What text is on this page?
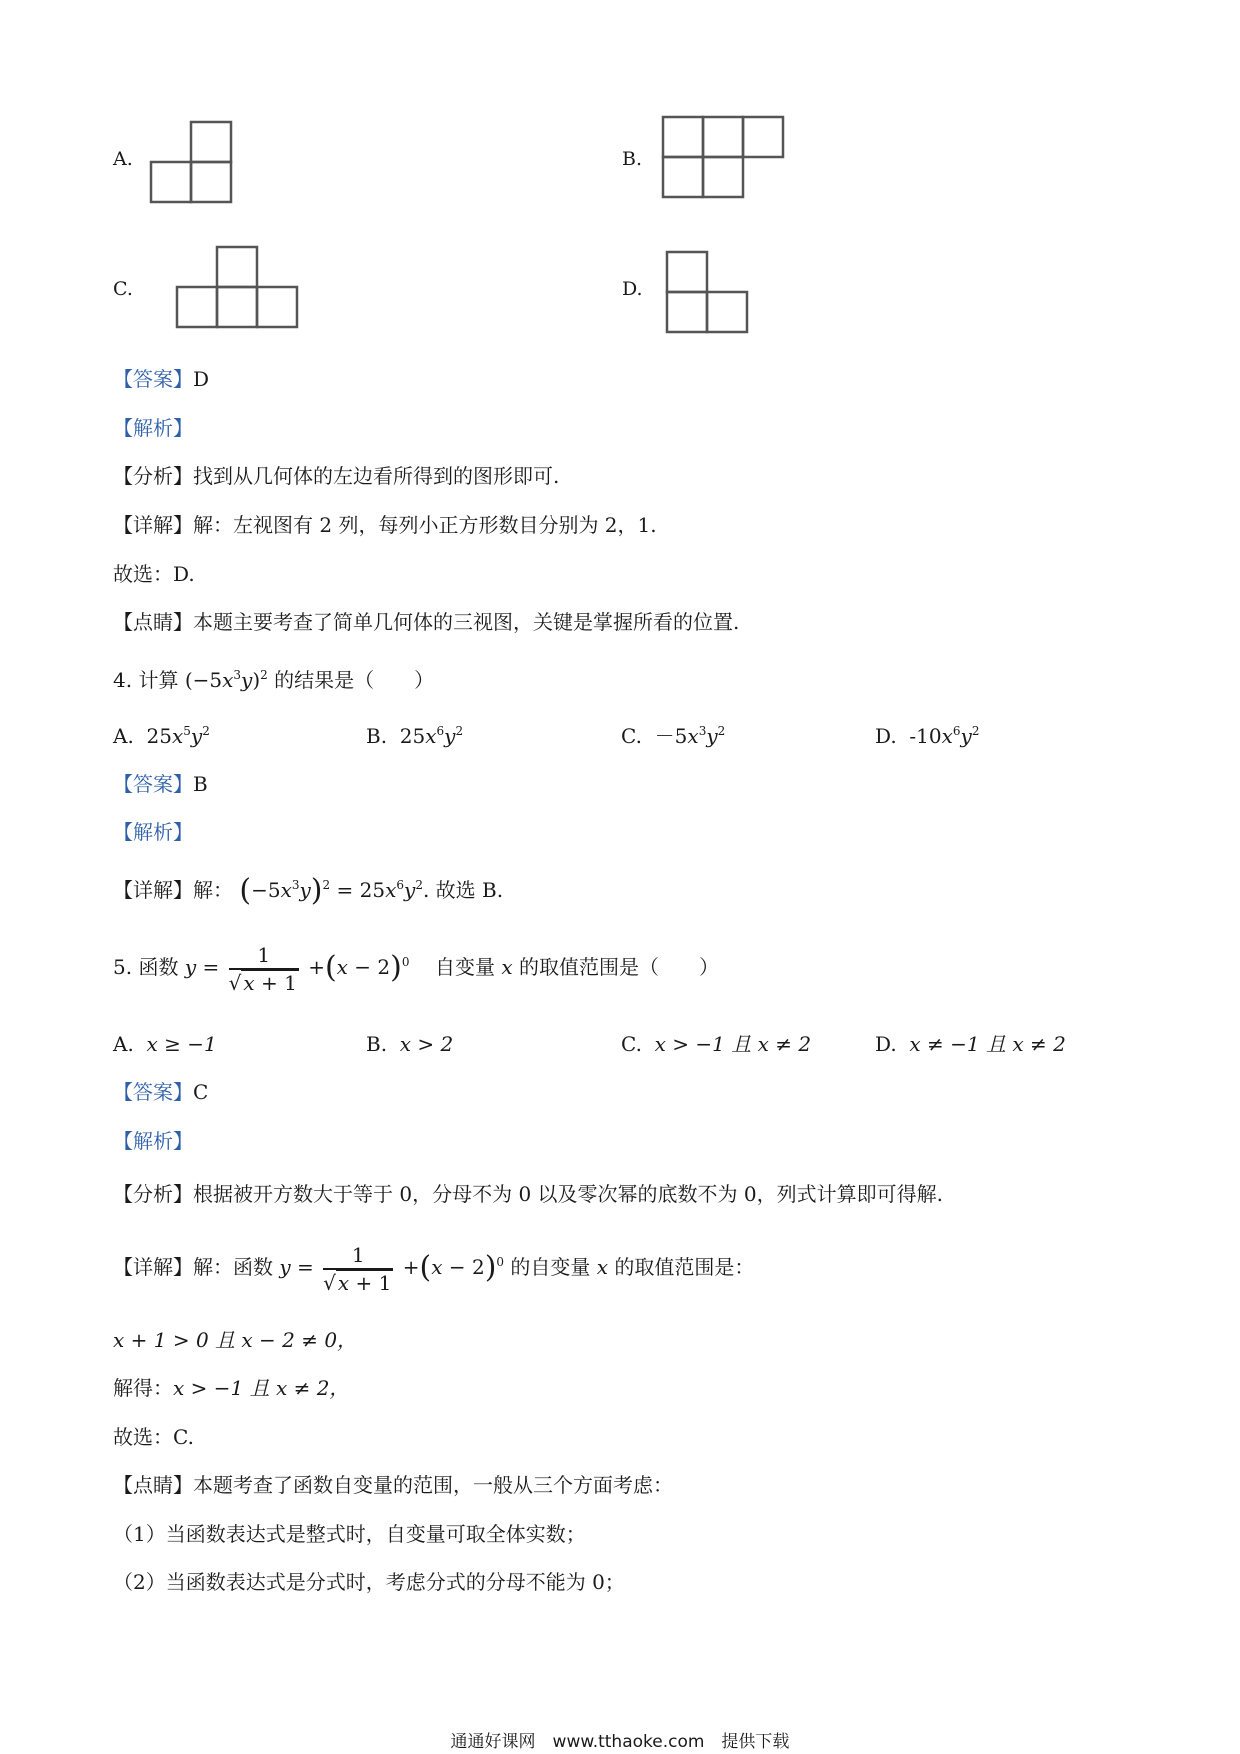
A.	B.
C.	D.
【答案】D
【解析】
【分析】找到从几何体的左边看所得到的图形即可.
【详解】解：左视图有 2 列，每列小正方形数目分别为 2，1.
故选：D.
【点睛】本题主要考查了简单几何体的三视图，关键是掌握所看的位置.
4. 计算 $(-5x^3y)^2$ 的结果是（　　）
A. $25x^5y^2$	B. $25x^6y^2$	C. $-5x^3y^2$	D. $-10x^6y^2$
【答案】B
【解析】
【详解】解： $(-5x^3y)^2 = 25x^6y^2$. 故选 B.
5. 函数 $y = \frac{1}{√ x + 1} +(x - 2)^0$ 自变量 x 的取值范围是（　　）
A. x ≥ −1	B. x > 2	C. x > −1 且 x ≠ 2	D. x ≠ −1 且 x ≠ 2
【答案】C
【解析】
【分析】根据被开方数大于等于 0，分母不为 0 以及零次幂的底数不为 0，列式计算即可得解.
【详解】解：函数 $y = \frac{1}{√ x + 1} +(x - 2)^0$ 的自变量 x 的取值范围是：
x + 1 > 0 且 x − 2 ≠ 0，
解得：x > −1 且 x ≠ 2，
故选：C.
【点睛】本题考查了函数自变量的范围，一般从三个方面考虑：
（1）当函数表达式是整式时，自变量可取全体实数；
（2）当函数表达式是分式时，考虑分式的分母不能为 0；
通通好课网　www.tthaoke.com　提供下载
